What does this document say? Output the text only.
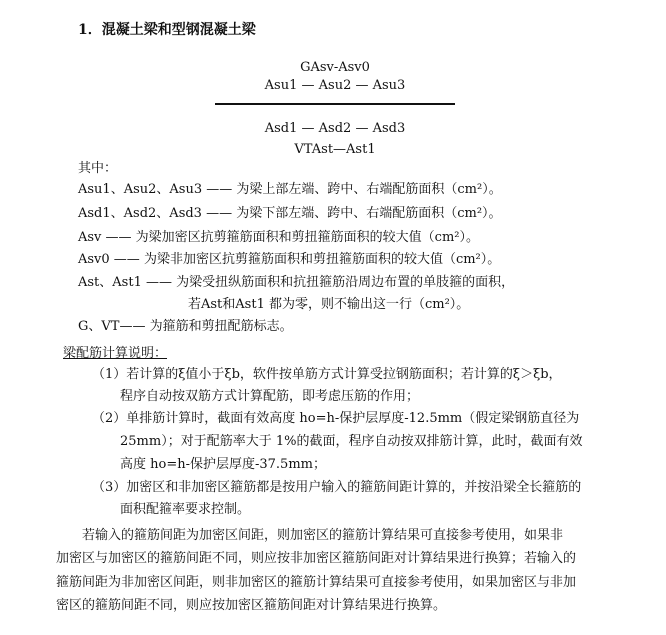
1．混凝土梁和型钢混凝土梁
GAsv-Asv0
Asu1 — Asu2 — Asu3
Asd1 — Asd2 — Asd3
VTAst—Ast1
其中：
Asu1、Asu2、Asu3 —— 为梁上部左端、跨中、右端配筋面积（cm²）。
Asd1、Asd2、Asd3 —— 为梁下部左端、跨中、右端配筋面积（cm²）。
Asv —— 为梁加密区抗剪箍筋面积和剪扭箍筋面积的较大值（cm²）。
Asv0 —— 为梁非加密区抗剪箍筋面积和剪扭箍筋面积的较大值（cm²）。
Ast、Ast1 —— 为梁受扭纵筋面积和抗扭箍筋沿周边布置的单肢箍的面积，
若Ast和Ast1 都为零，则不输出这一行（cm²）。
G、VT—— 为箍筋和剪扭配筋标志。
梁配筋计算说明：
（1）若计算的ξ值小于ξb，软件按单筋方式计算受拉钢筋面积；若计算的ξ＞ξb，
程序自动按双筋方式计算配筋，即考虑压筋的作用；
（2）单排筋计算时，截面有效高度 ho=h-保护层厚度-12.5mm（假定梁钢筋直径为
25mm）；对于配筋率大于 1%的截面，程序自动按双排筋计算，此时，截面有效
高度 ho=h-保护层厚度-37.5mm；
（3）加密区和非加密区箍筋都是按用户输入的箍筋间距计算的，并按沿梁全长箍筋的
面积配箍率要求控制。
若输入的箍筋间距为加密区间距，则加密区的箍筋计算结果可直接参考使用，如果非
加密区与加密区的箍筋间距不同，则应按非加密区箍筋间距对计算结果进行换算；若输入的
箍筋间距为非加密区间距，则非加密区的箍筋计算结果可直接参考使用，如果加密区与非加
密区的箍筋间距不同，则应按加密区箍筋间距对计算结果进行换算。
